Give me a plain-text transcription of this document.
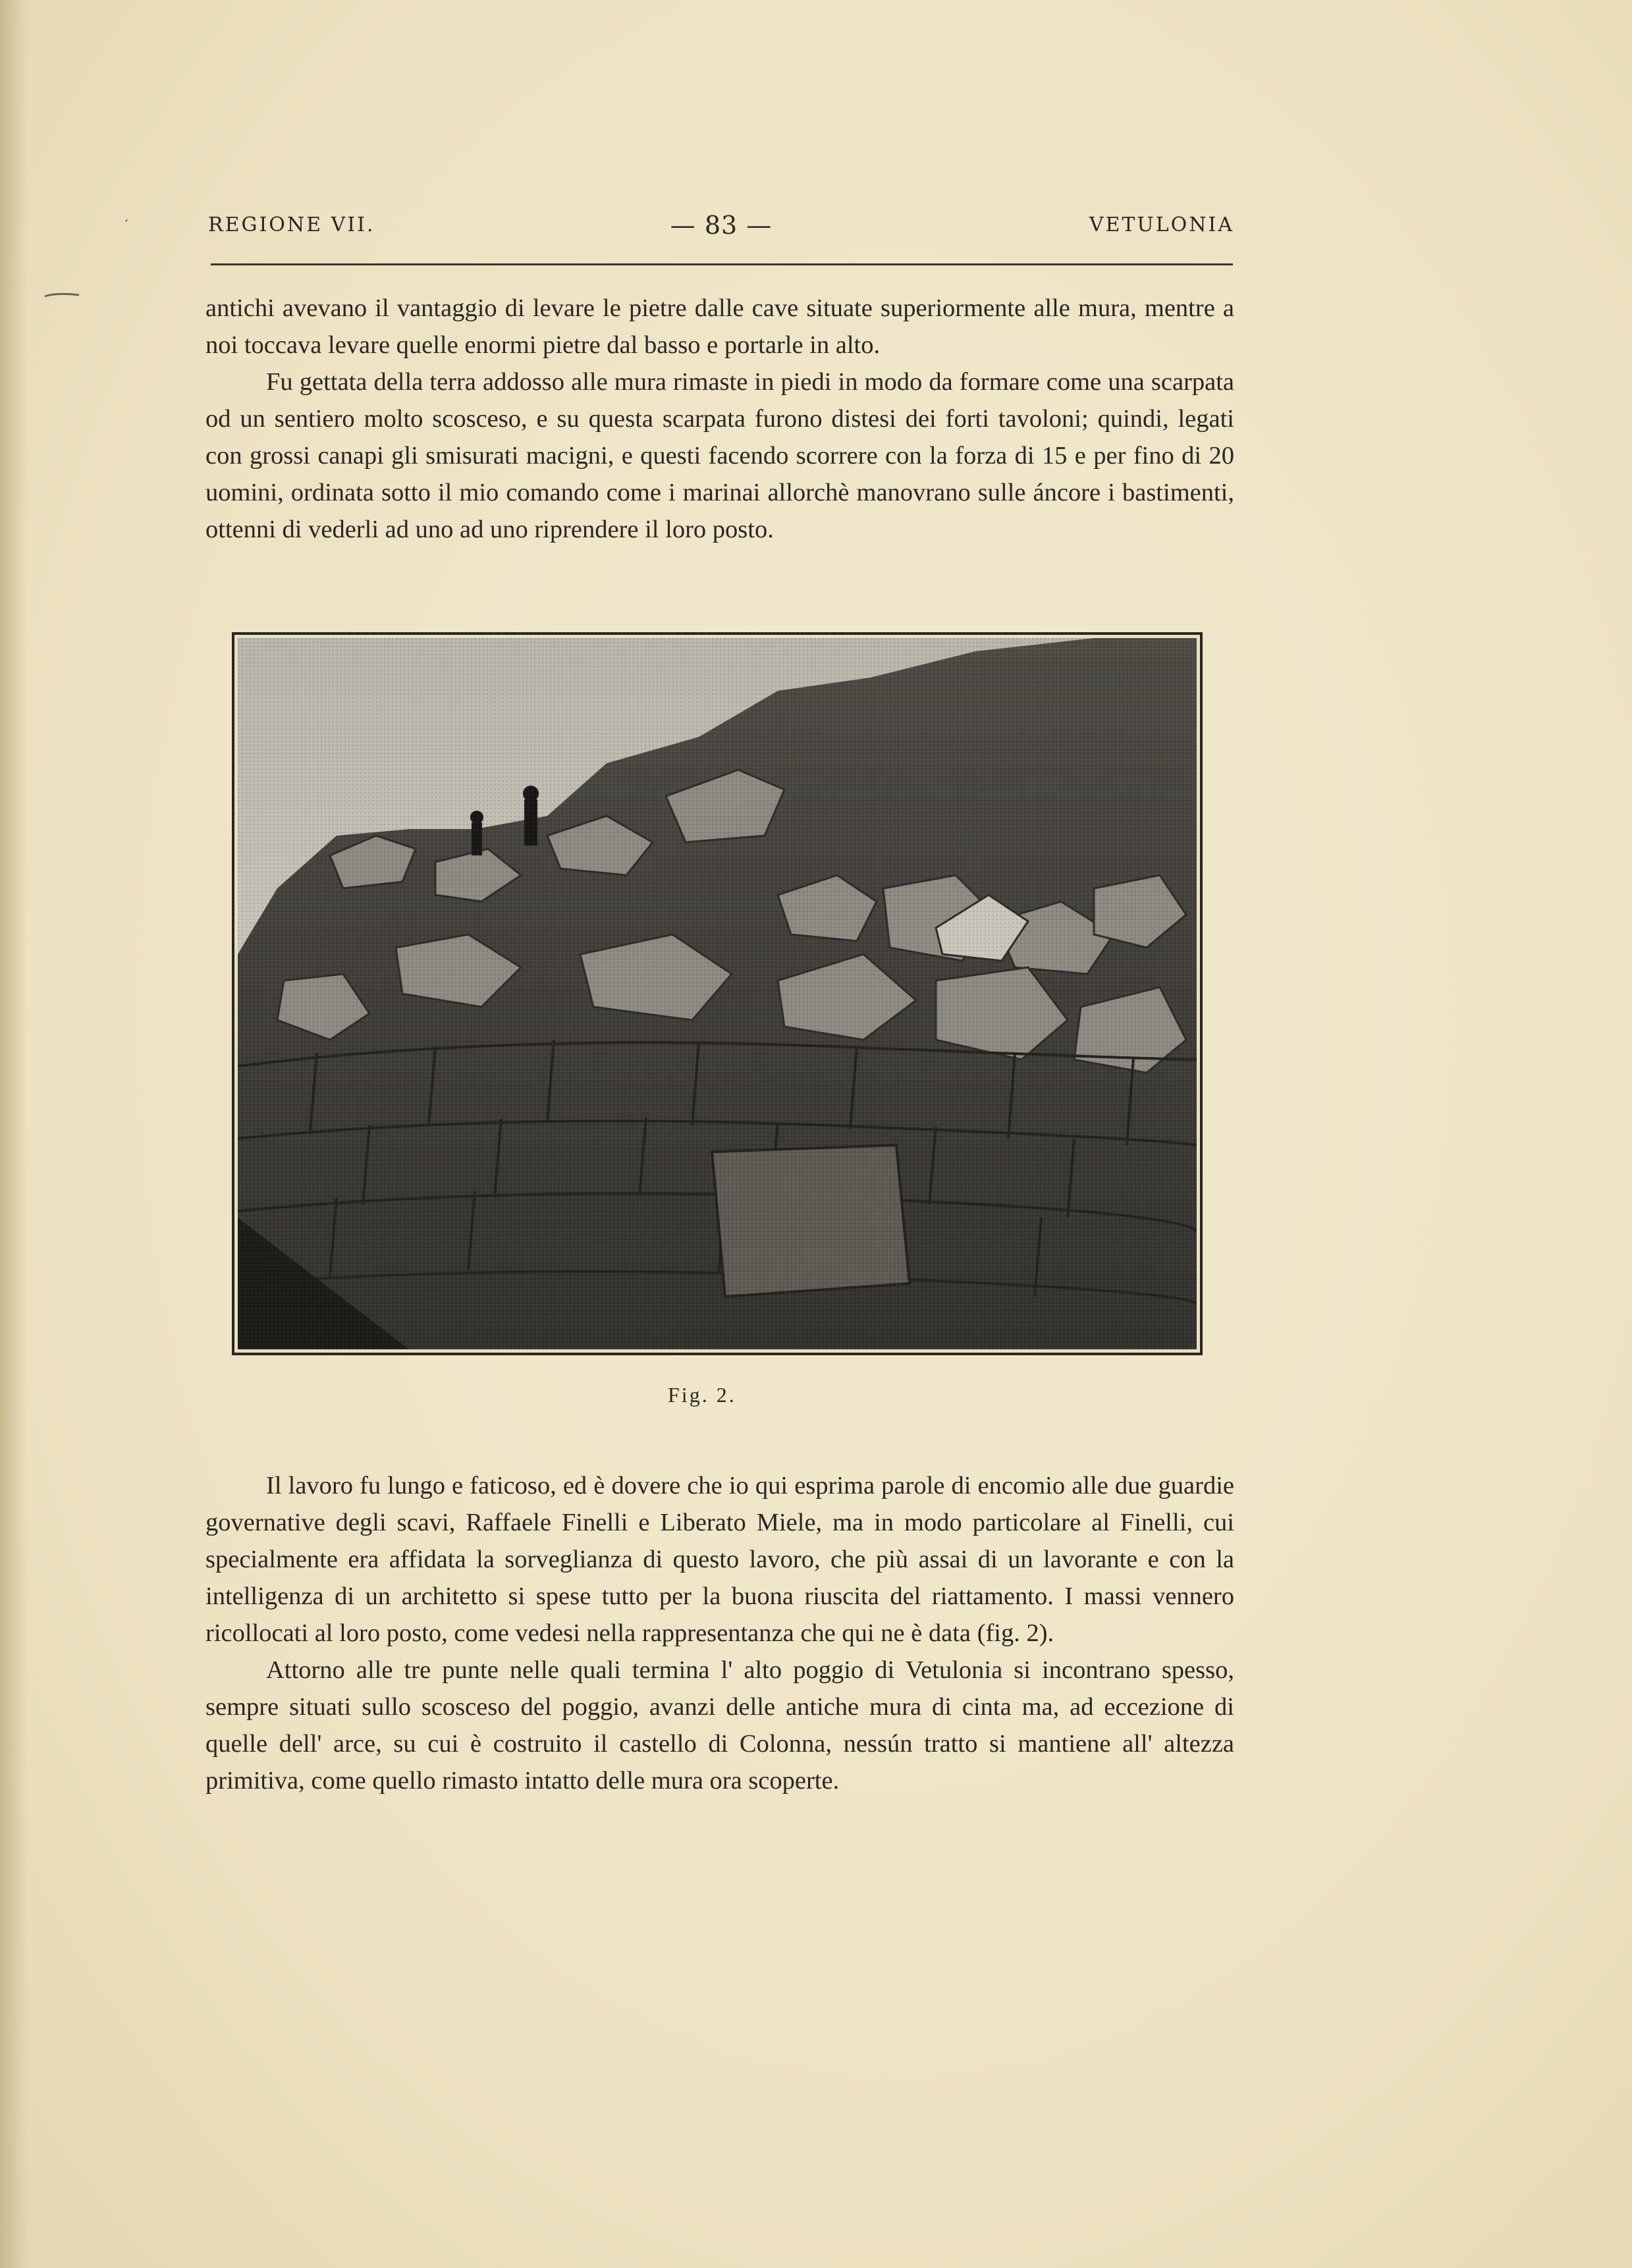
ˊ	REGIONE VII.	— 83 —	VETULONIA

antichi avevano il vantaggio di levare le pietre dalle cave situate superiormente alle mura, mentre a noi toccava levare quelle enormi pietre dal basso e portarle in alto.

Fu gettata della terra addosso alle mura rimaste in piedi in modo da formare come una scarpata od un sentiero molto scosceso, e su questa scarpata furono distesi dei forti tavoloni; quindi, legati con grossi canapi gli smisurati macigni, e questi facendo scorrere con la forza di 15 e per fino di 20 uomini, ordinata sotto il mio comando come i marinai allorchè manovrano sulle áncore i bastimenti, ottenni di vederli ad uno ad uno riprendere il loro posto.

Fig. 2.

Il lavoro fu lungo e faticoso, ed è dovere che io qui esprima parole di encomio alle due guardie governative degli scavi, Raffaele Finelli e Liberato Miele, ma in modo particolare al Finelli, cui specialmente era affidata la sorveglianza di questo lavoro, che più assai di un lavorante e con la intelligenza di un architetto si spese tutto per la buona riuscita del riattamento. I massi vennero ricollocati al loro posto, come vedesi nella rappresentanza che qui ne è data (fig. 2).

Attorno alle tre punte nelle quali termina l' alto poggio di Vetulonia si incontrano spesso, sempre situati sullo scosceso del poggio, avanzi delle antiche mura di cinta ma, ad eccezione di quelle dell' arce, su cui è costruito il castello di Colonna, nessún tratto si mantiene all' altezza primitiva, come quello rimasto intatto delle mura ora scoperte.
